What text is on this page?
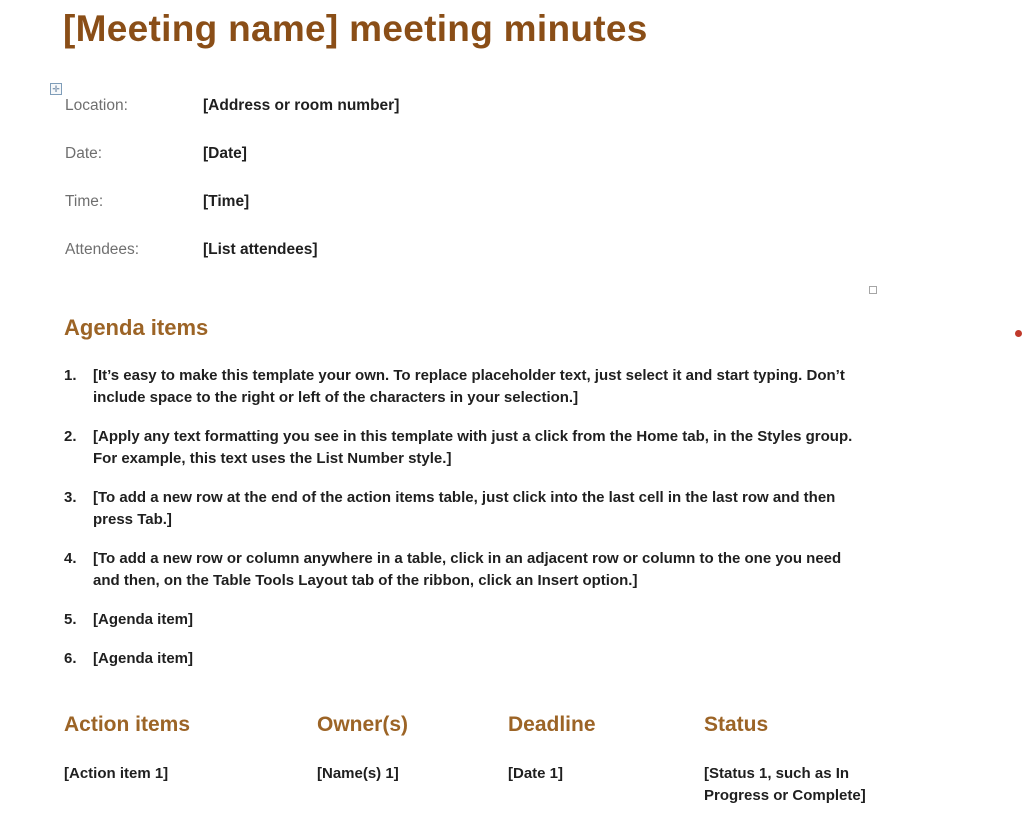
[Meeting name] meeting minutes
✛
Location:	[Address or room number]
Date:	[Date]
Time:	[Time]
Attendees:	[List attendees]
Agenda items
1.	[It’s easy to make this template your own. To replace placeholder text, just select it and start typing. Don’t include space to the right or left of the characters in your selection.]
2.	[Apply any text formatting you see in this template with just a click from the Home tab, in the Styles group. For example, this text uses the List Number style.]
3.	[To add a new row at the end of the action items table, just click into the last cell in the last row and then press Tab.]
4.	[To add a new row or column anywhere in a table, click in an adjacent row or column to the one you need and then, on the Table Tools Layout tab of the ribbon, click an Insert option.]
5.	[Agenda item]
6.	[Agenda item]
Action items	Owner(s)	Deadline	Status
[Action item 1]	[Name(s) 1]	[Date 1]	[Status 1, such as In Progress or Complete]
